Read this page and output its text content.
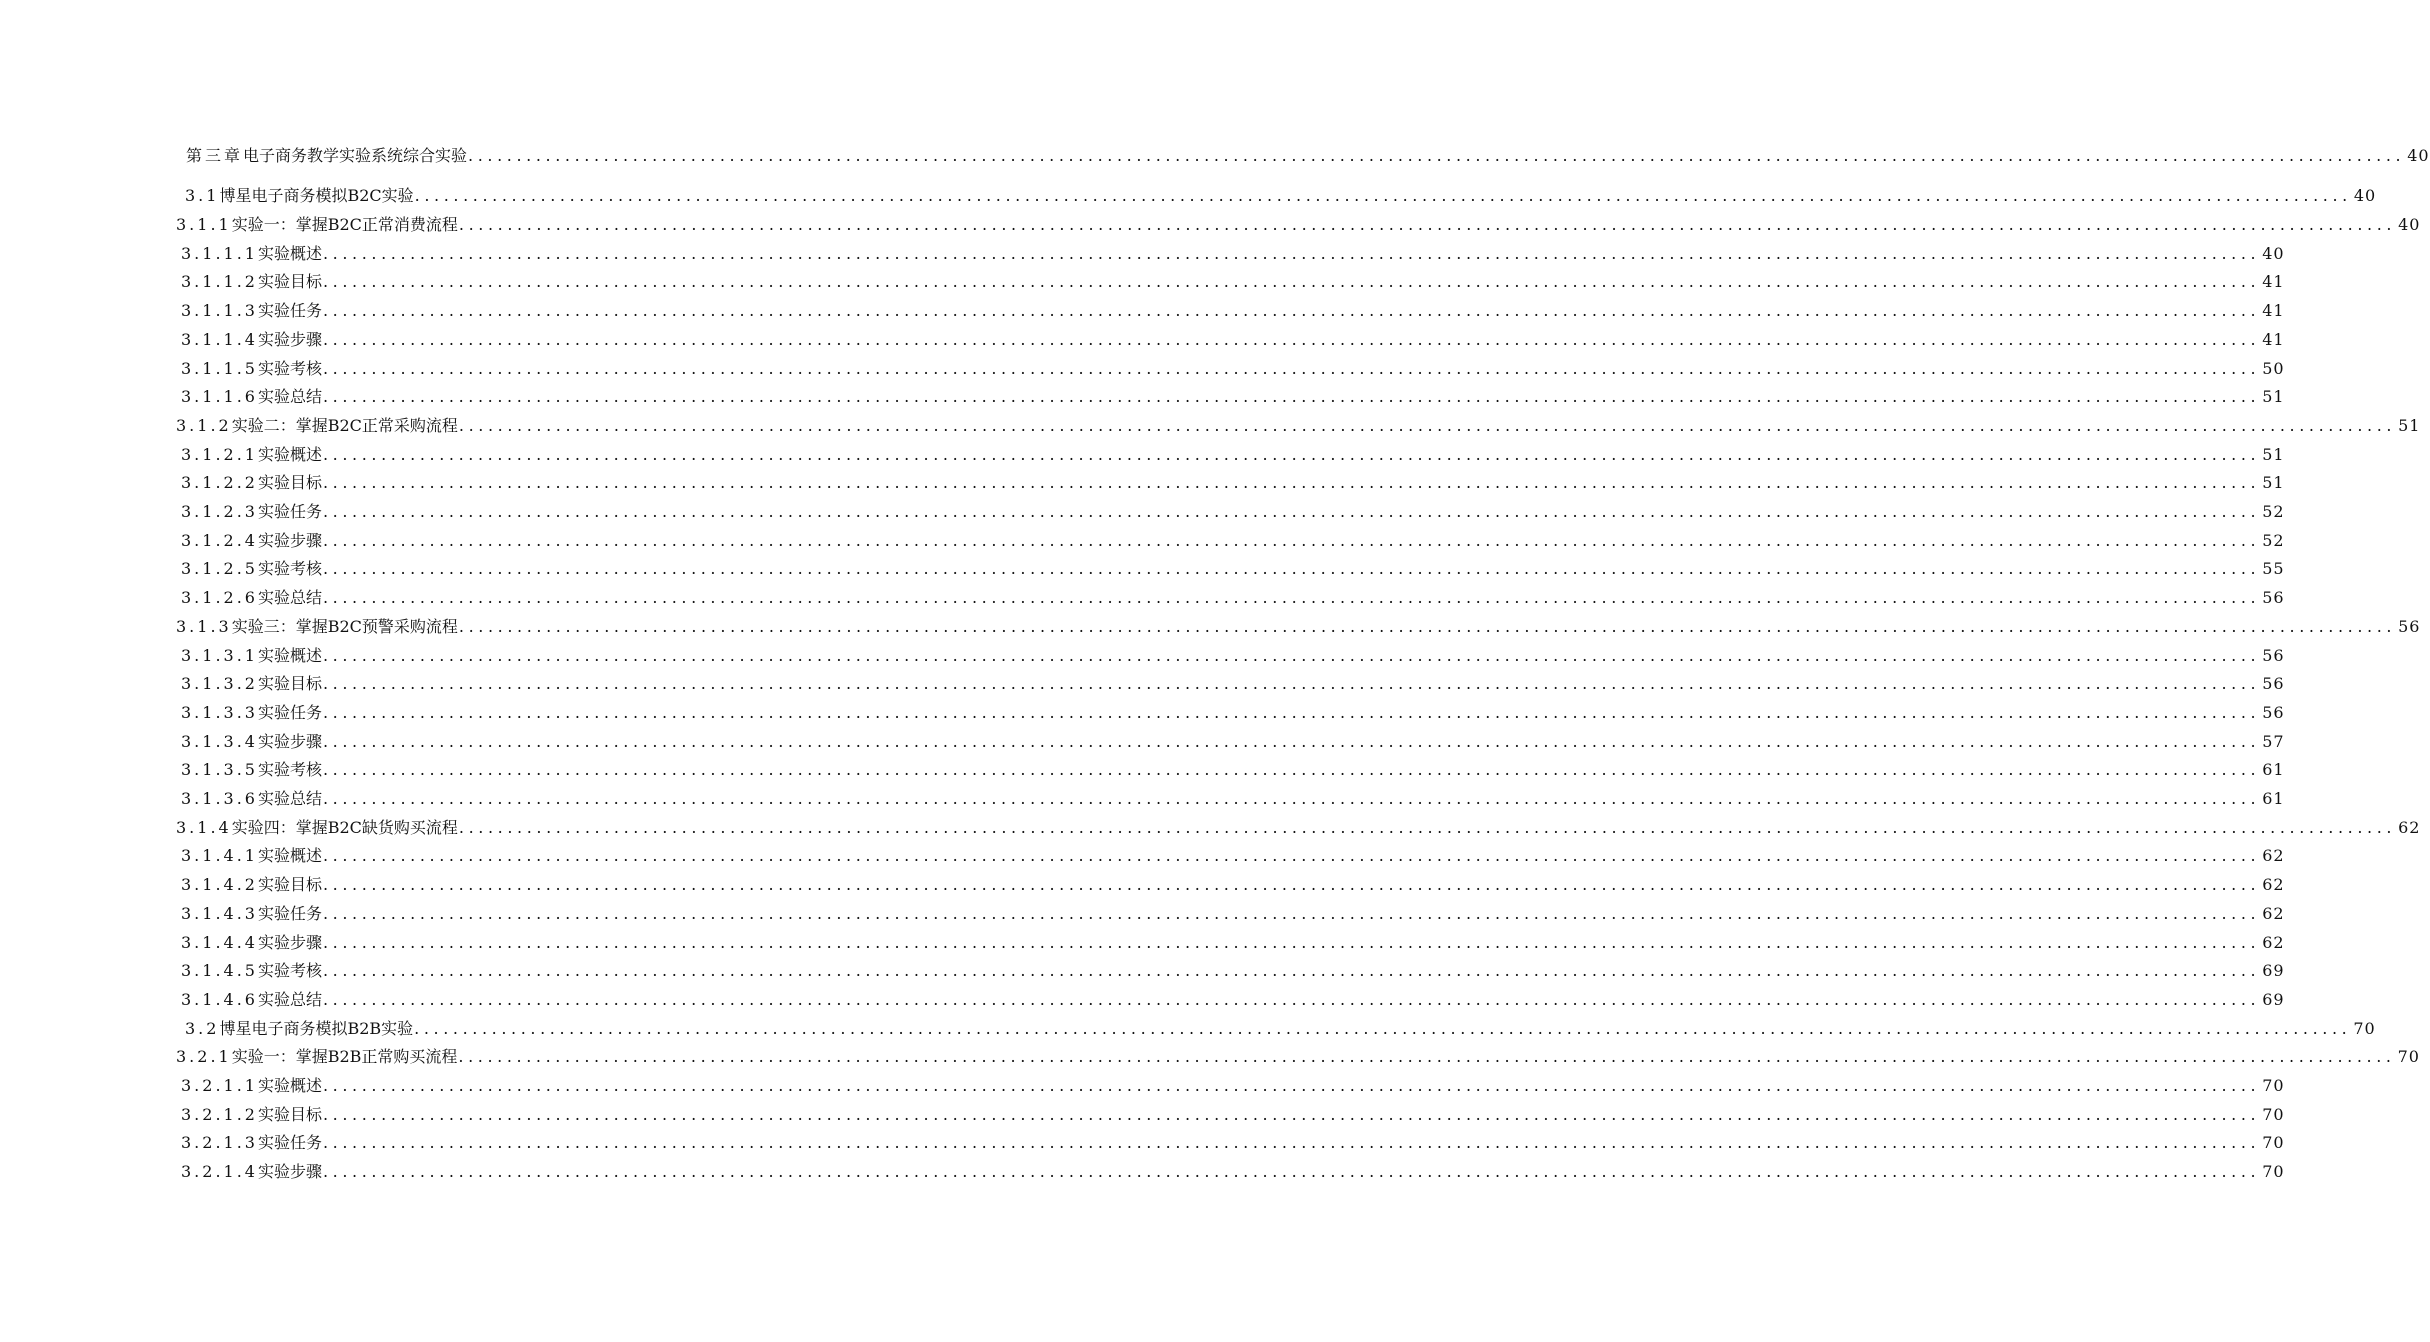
第三章 电子商务教学实验系统综合实验 ........................................................................................................................................................................................................ 40
3.1 博星电子商务模拟B2C实验 ........................................................................................................................................................................................................ 40
3.1.1 实验一：掌握B2C正常消费流程 ........................................................................................................................................................................................................ 40
3.1.1.1 实验概述 ........................................................................................................................................................................................................ 40
3.1.1.2 实验目标 ........................................................................................................................................................................................................ 41
3.1.1.3 实验任务 ........................................................................................................................................................................................................ 41
3.1.1.4 实验步骤 ........................................................................................................................................................................................................ 41
3.1.1.5 实验考核 ........................................................................................................................................................................................................ 50
3.1.1.6 实验总结 ........................................................................................................................................................................................................ 51
3.1.2 实验二：掌握B2C正常采购流程 ........................................................................................................................................................................................................ 51
3.1.2.1 实验概述 ........................................................................................................................................................................................................ 51
3.1.2.2 实验目标 ........................................................................................................................................................................................................ 51
3.1.2.3 实验任务 ........................................................................................................................................................................................................ 52
3.1.2.4 实验步骤 ........................................................................................................................................................................................................ 52
3.1.2.5 实验考核 ........................................................................................................................................................................................................ 55
3.1.2.6 实验总结 ........................................................................................................................................................................................................ 56
3.1.3 实验三：掌握B2C预警采购流程 ........................................................................................................................................................................................................ 56
3.1.3.1 实验概述 ........................................................................................................................................................................................................ 56
3.1.3.2 实验目标 ........................................................................................................................................................................................................ 56
3.1.3.3 实验任务 ........................................................................................................................................................................................................ 56
3.1.3.4 实验步骤 ........................................................................................................................................................................................................ 57
3.1.3.5 实验考核 ........................................................................................................................................................................................................ 61
3.1.3.6 实验总结 ........................................................................................................................................................................................................ 61
3.1.4 实验四：掌握B2C缺货购买流程 ........................................................................................................................................................................................................ 62
3.1.4.1 实验概述 ........................................................................................................................................................................................................ 62
3.1.4.2 实验目标 ........................................................................................................................................................................................................ 62
3.1.4.3 实验任务 ........................................................................................................................................................................................................ 62
3.1.4.4 实验步骤 ........................................................................................................................................................................................................ 62
3.1.4.5 实验考核 ........................................................................................................................................................................................................ 69
3.1.4.6 实验总结 ........................................................................................................................................................................................................ 69
3.2 博星电子商务模拟B2B实验 ........................................................................................................................................................................................................ 70
3.2.1 实验一：掌握B2B正常购买流程 ........................................................................................................................................................................................................ 70
3.2.1.1 实验概述 ........................................................................................................................................................................................................ 70
3.2.1.2 实验目标 ........................................................................................................................................................................................................ 70
3.2.1.3 实验任务 ........................................................................................................................................................................................................ 70
3.2.1.4 实验步骤 ........................................................................................................................................................................................................ 70
